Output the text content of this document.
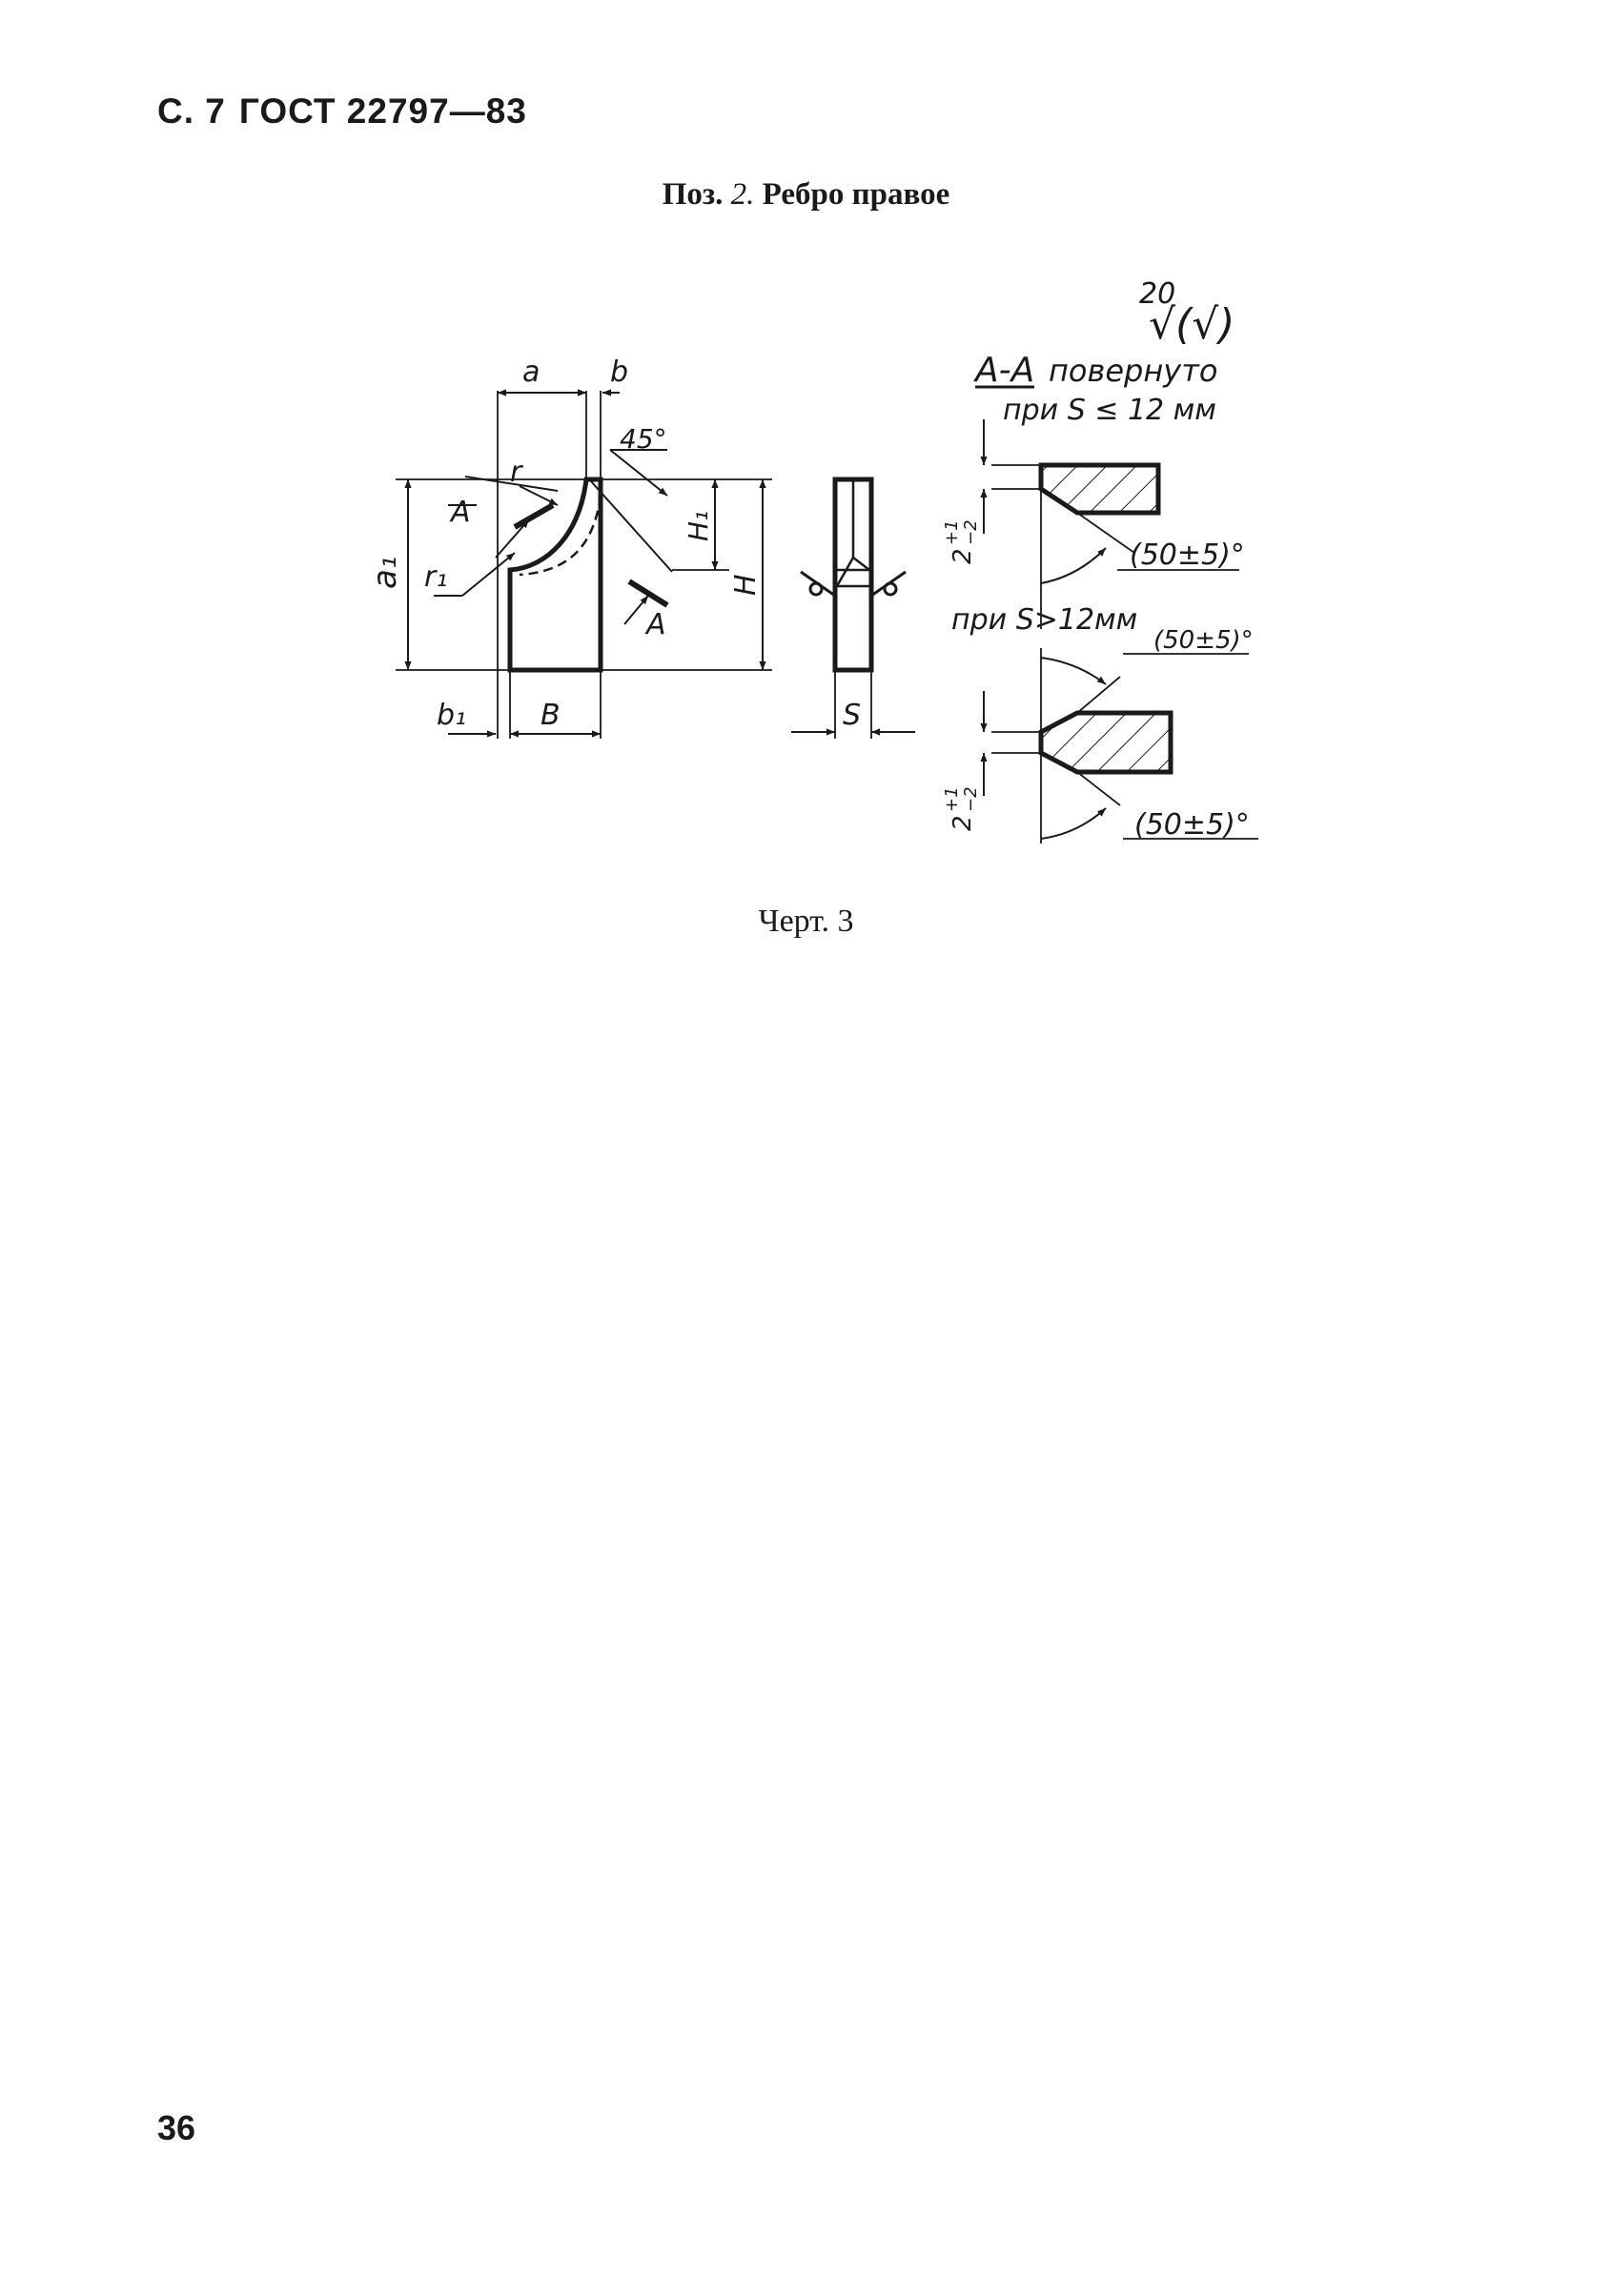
С. 7 ГОСТ 22797—83
Поз. 2. Ребро правое
a b
45°
r
A
r₁
a₁
H₁
H
A
B
b₁	S
20
√(√)
А-А повернуто
при S ≤ 12 мм
(50±5)°
при S>12мм
(50±5)°
(50±5)°
2
+1 −2
2
+1 −2
Черт. 3
36
